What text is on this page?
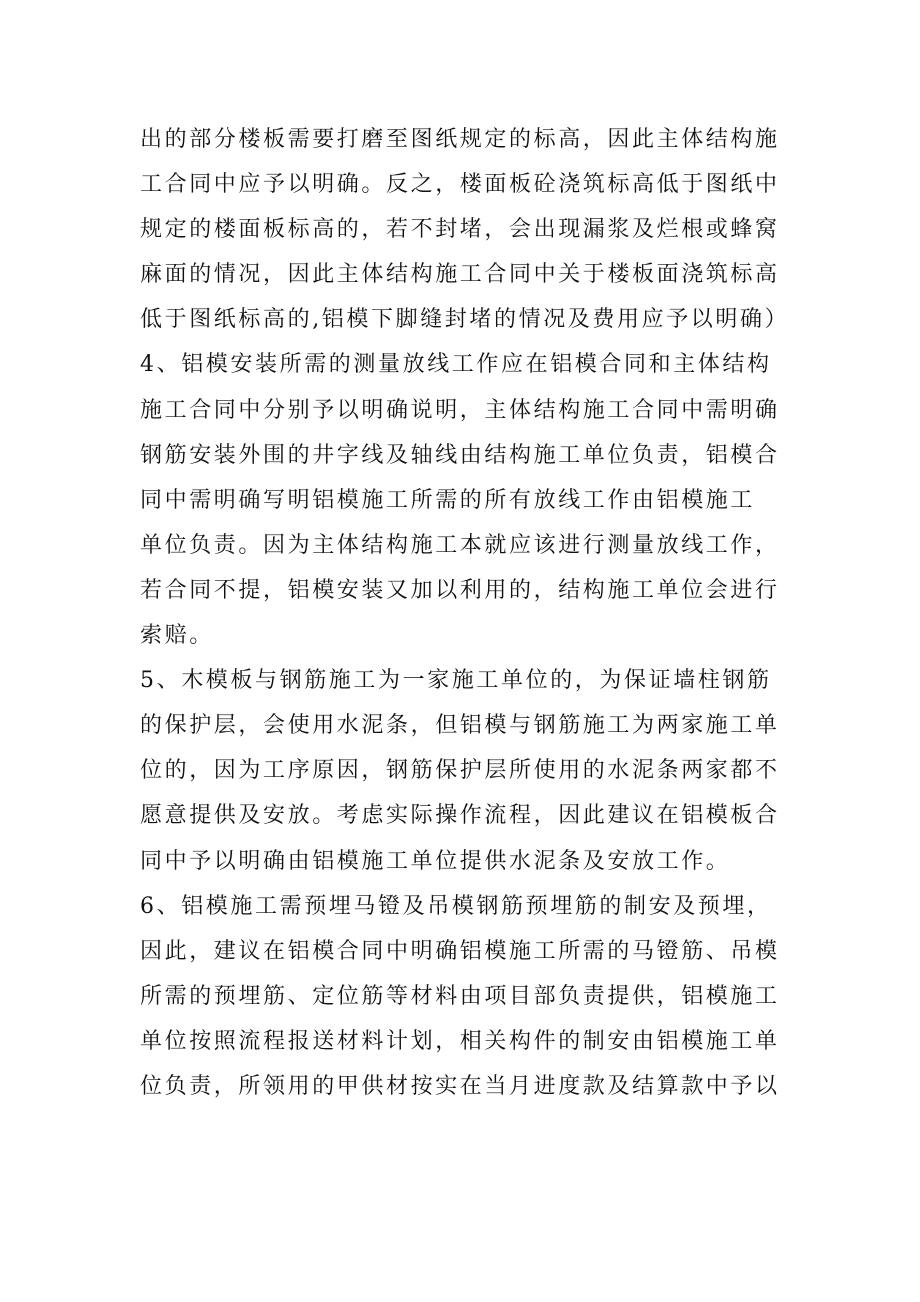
出的部分楼板需要打磨至图纸规定的标高，因此主体结构施
工合同中应予以明确。反之，楼面板砼浇筑标高低于图纸中
规定的楼面板标高的，若不封堵，会出现漏浆及烂根或蜂窝
麻面的情况，因此主体结构施工合同中关于楼板面浇筑标高
低于图纸标高的,铝模下脚缝封堵的情况及费用应予以明确）
4、铝模安装所需的测量放线工作应在铝模合同和主体结构
施工合同中分别予以明确说明，主体结构施工合同中需明确
钢筋安装外围的井字线及轴线由结构施工单位负责，铝模合
同中需明确写明铝模施工所需的所有放线工作由铝模施工
单位负责。因为主体结构施工本就应该进行测量放线工作，
若合同不提，铝模安装又加以利用的，结构施工单位会进行
索赔。
5、木模板与钢筋施工为一家施工单位的，为保证墙柱钢筋
的保护层，会使用水泥条，但铝模与钢筋施工为两家施工单
位的，因为工序原因，钢筋保护层所使用的水泥条两家都不
愿意提供及安放。考虑实际操作流程，因此建议在铝模板合
同中予以明确由铝模施工单位提供水泥条及安放工作。
6、铝模施工需预埋马镫及吊模钢筋预埋筋的制安及预埋，
因此，建议在铝模合同中明确铝模施工所需的马镫筋、吊模
所需的预埋筋、定位筋等材料由项目部负责提供，铝模施工
单位按照流程报送材料计划，相关构件的制安由铝模施工单
位负责，所领用的甲供材按实在当月进度款及结算款中予以
